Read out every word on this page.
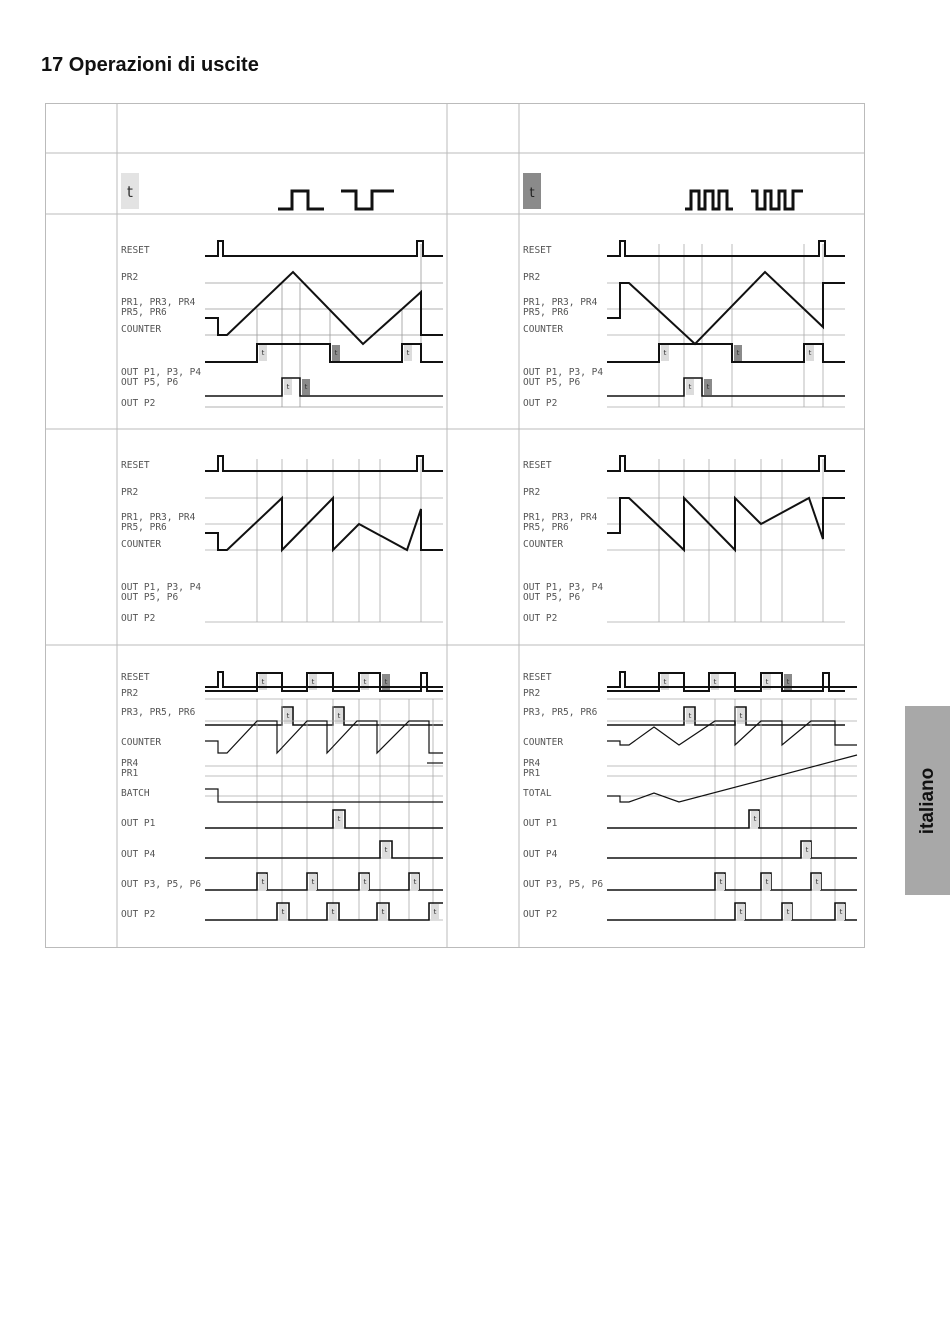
17 Operazioni di uscite
t	t
RESET
PR2
PR1, PR3, PR4
PR5, PR6
COUNTER
OUT P1, P3, P4
OUT P5, P6
OUT P2
t	t	t
t t
RESET
PR2
PR1, PR3, PR4
PR5, PR6
COUNTER
OUT P1, P3, P4
OUT P5, P6
OUT P2
t	t	t
t t
RESET
PR2
PR1, PR3, PR4
PR5, PR6
COUNTER
OUT P1, P3, P4
OUT P5, P6
OUT P2
t	t	t	t
t	t
RESET
PR2
PR1, PR3, PR4
PR5, PR6
COUNTER
OUT P1, P3, P4
OUT P5, P6
OUT P2
t	t	t	t
t	t
RESET
PR2
PR3, PR5, PR6
COUNTER
PR4
PR1
BATCH
OUT P1
OUT P4
OUT P3, P5, P6
OUT P2
t
t
t	t	t	t
t	t	t	t
RESET
PR2
PR3, PR5, PR6
COUNTER
PR4
PR1
TOTAL
OUT P1
OUT P4
OUT P3, P5, P6
OUT P2
t
t
t	t	t
t	t	t
italiano
